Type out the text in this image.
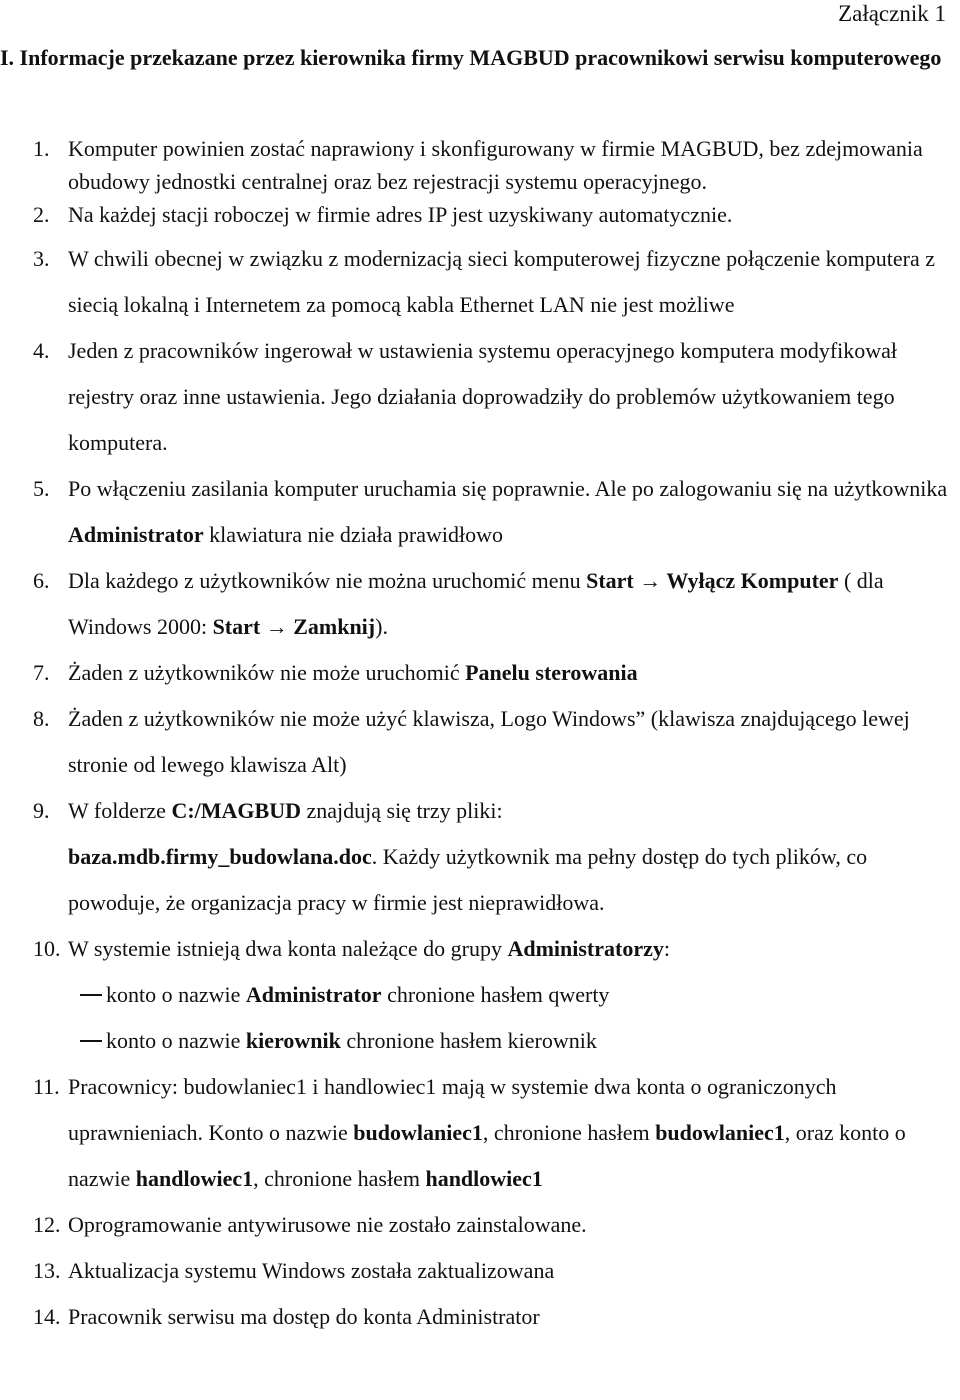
Załącznik 1
I. Informacje przekazane przez kierownika firmy MAGBUD pracownikowi serwisu komputerowego
1. Komputer powinien zostać naprawiony i skonfigurowany w firmie MAGBUD, bez zdejmowania obudowy jednostki centralnej oraz bez rejestracji systemu operacyjnego.
2. Na każdej stacji roboczej w firmie adres IP jest uzyskiwany automatycznie.
3. W chwili obecnej w związku z modernizacją sieci komputerowej fizyczne połączenie komputera z siecią lokalną i Internetem za pomocą kabla Ethernet LAN nie jest możliwe
4. Jeden z pracowników ingerował w ustawienia systemu operacyjnego komputera modyfikował rejestry oraz inne ustawienia. Jego działania doprowadziły do problemów użytkowaniem tego komputera.
5. Po włączeniu zasilania komputer uruchamia się poprawnie. Ale po zalogowaniu się na użytkownika Administrator klawiatura nie działa prawidłowo
6. Dla każdego z użytkowników nie można uruchomić menu Start → Wyłącz Komputer ( dla Windows 2000: Start → Zamknij).
7. Żaden z użytkowników nie może uruchomić Panelu sterowania
8. Żaden z użytkowników nie może użyć klawisza, Logo Windows” (klawisza znajdującego lewej stronie od lewego klawisza Alt)
9. W folderze C:/MAGBUD znajdują się trzy pliki:
baza.mdb.firmy_budowlana.doc. Każdy użytkownik ma pełny dostęp do tych plików, co powoduje, że organizacja pracy w firmie jest nieprawidłowa.
10. W systemie istnieją dwa konta należące do grupy Administratorzy:
konto o nazwie Administrator chronione hasłem qwerty
konto o nazwie kierownik chronione hasłem kierownik
11. Pracownicy: budowlaniec1 i handlowiec1 mają w systemie dwa konta o ograniczonych uprawnieniach. Konto o nazwie budowlaniec1, chronione hasłem budowlaniec1, oraz konto o nazwie handlowiec1, chronione hasłem handlowiec1
12. Oprogramowanie antywirusowe nie zostało zainstalowane.
13. Aktualizacja systemu Windows została zaktualizowana
14. Pracownik serwisu ma dostęp do konta Administrator
